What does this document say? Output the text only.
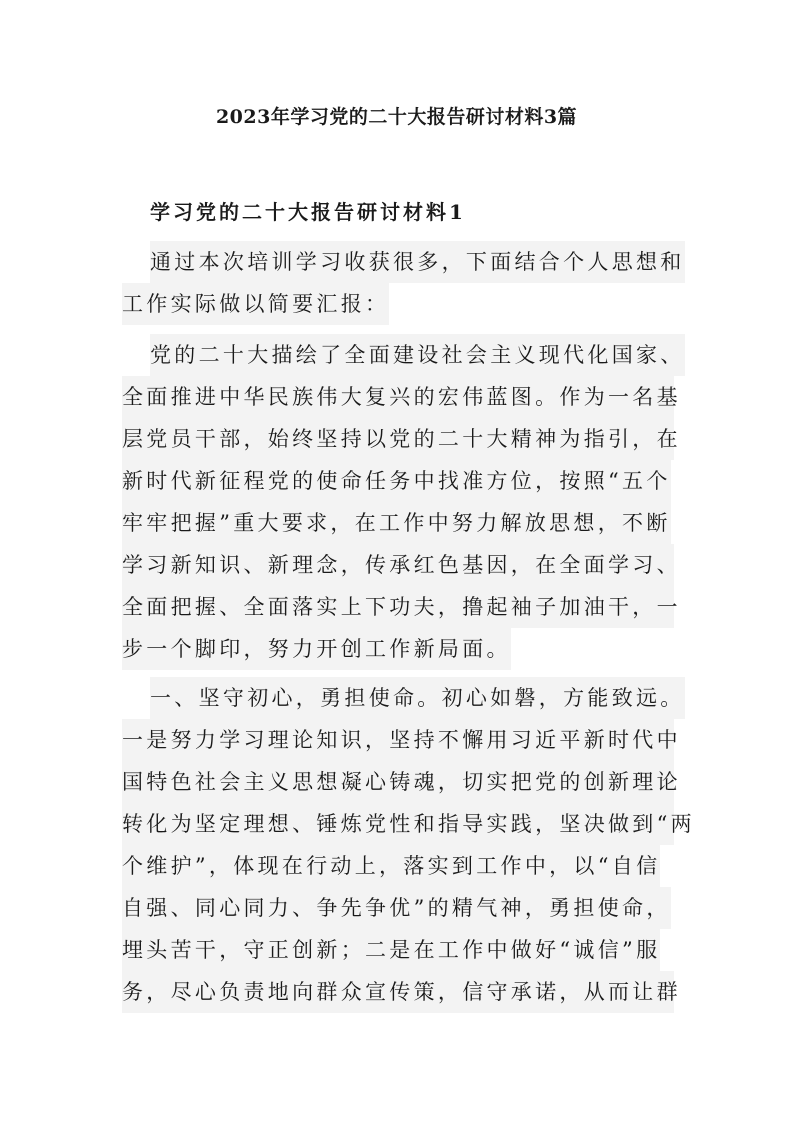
2023年学习党的二十大报告研讨材料3篇
学习党的二十大报告研讨材料1
通过本次培训学习收获很多，下面结合个人思想和
工作实际做以简要汇报：
党的二十大描绘了全面建设社会主义现代化国家、
全面推进中华民族伟大复兴的宏伟蓝图。作为一名基
层党员干部，始终坚持以党的二十大精神为指引，在
新时代新征程党的使命任务中找准方位，按照“五个
牢牢把握”重大要求，在工作中努力解放思想，不断
学习新知识、新理念，传承红色基因，在全面学习、
全面把握、全面落实上下功夫，撸起袖子加油干，一
步一个脚印，努力开创工作新局面。
一、坚守初心，勇担使命。初心如磐，方能致远。
一是努力学习理论知识，坚持不懈用习近平新时代中
国特色社会主义思想凝心铸魂，切实把党的创新理论
转化为坚定理想、锤炼党性和指导实践，坚决做到“两
个维护”，体现在行动上，落实到工作中，以“自信
自强、同心同力、争先争优”的精气神，勇担使命，
埋头苦干，守正创新；二是在工作中做好“诚信”服
务，尽心负责地向群众宣传策，信守承诺，从而让群
